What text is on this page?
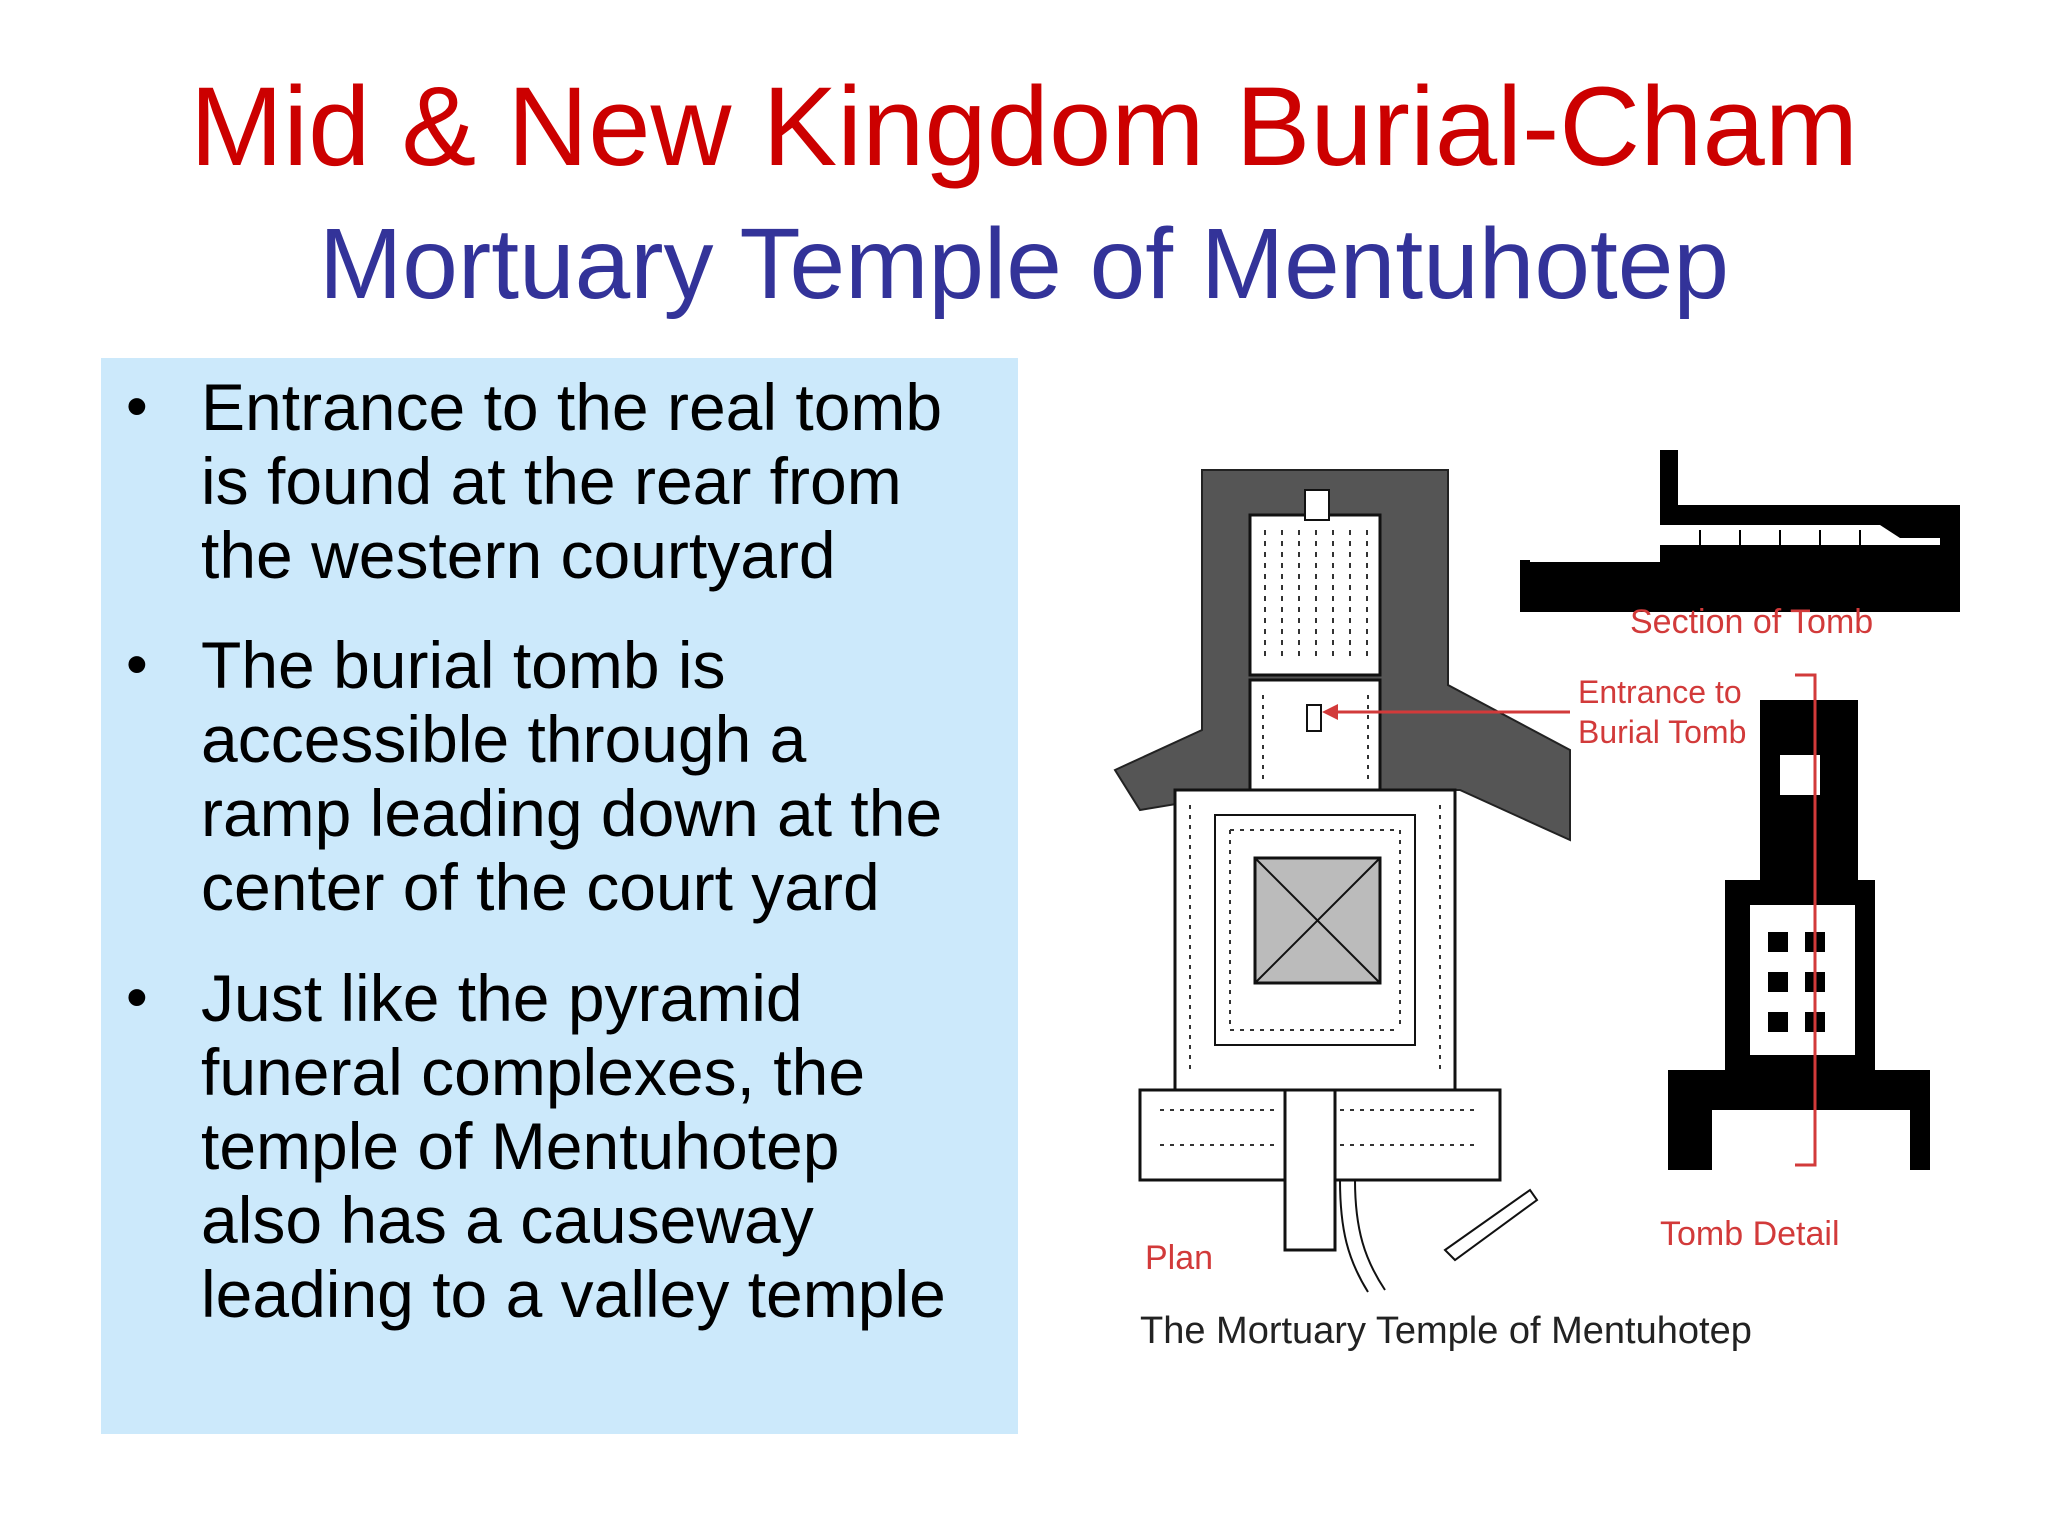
Mid & New Kingdom Burial-Cham
Mortuary Temple of Mentuhotep
• Entrance to the real tomb
is found at the rear from
the western courtyard
• The burial tomb is
accessible through a
ramp leading down at the
center of the court yard
• Just like the pyramid
funeral complexes, the
temple of Mentuhotep
also has a causeway
leading to a valley temple
Section of Tomb
Entrance to
Burial Tomb
Plan
Tomb Detail
The Mortuary Temple of Mentuhotep
